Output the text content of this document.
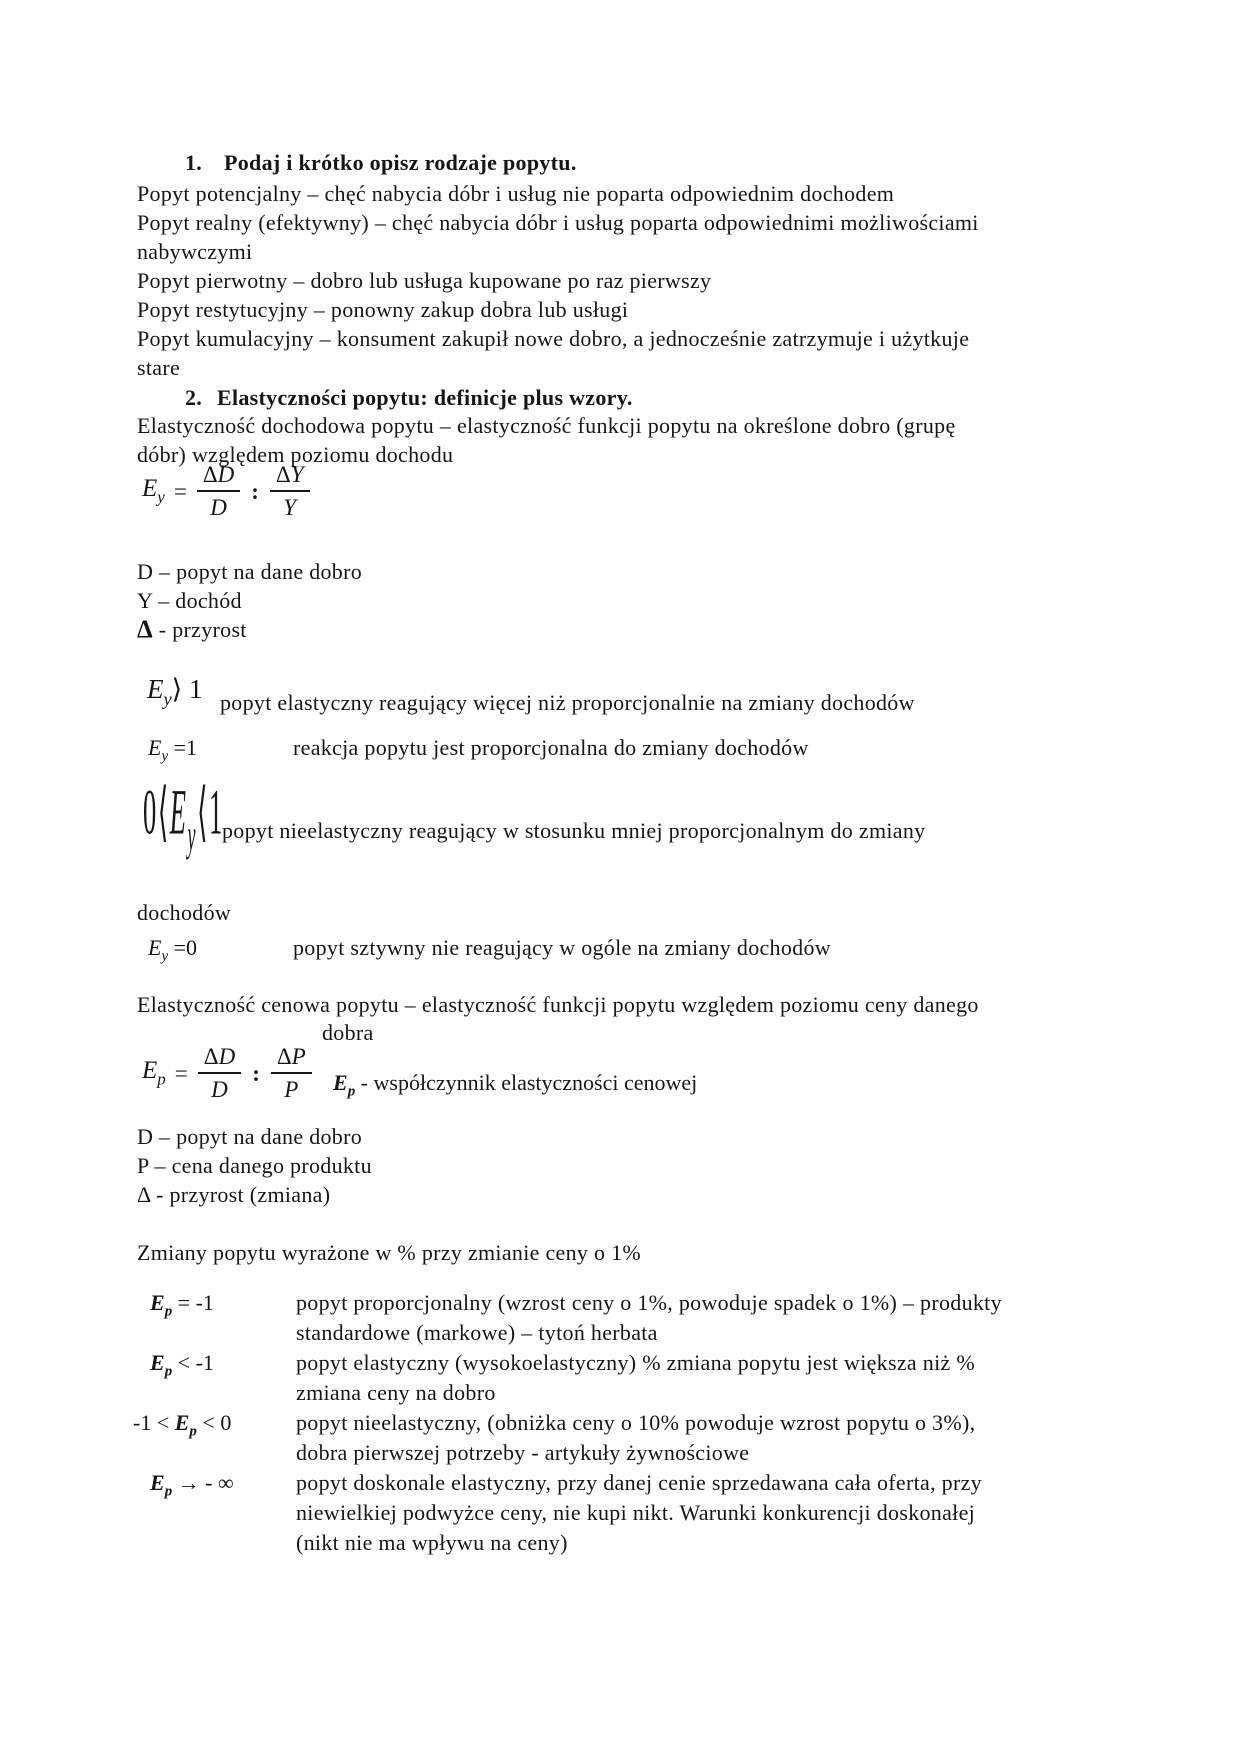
1. Podaj i krótko opisz rodzaje popytu.
Popyt potencjalny – chęć nabycia dóbr i usług nie poparta odpowiednim dochodem
Popyt realny (efektywny) – chęć nabycia dóbr i usług poparta odpowiednimi możliwościami
nabywczymi
Popyt pierwotny – dobro lub usługa kupowane po raz pierwszy
Popyt restytucyjny – ponowny zakup dobra lub usługi
Popyt kumulacyjny – konsument zakupił nowe dobro, a jednocześnie zatrzymuje i użytkuje
stare
2. Elastyczności popytu: definicje plus wzory.
Elastyczność dochodowa popytu – elastyczność funkcji popytu na określone dobro (grupę
dóbr) względem poziomu dochodu
$E_y = \frac{\Delta D}{D}$ : $\frac{\Delta Y}{Y}$
D – popyt na dane dobro
Y – dochód
Δ - przyrost
$E_y⟩$ 1 popyt elastyczny reagujący więcej niż proporcjonalnie na zmiany dochodów
$E_y =1$	reakcja popytu jest proporcjonalna do zmiany dochodów
$0⟨E_y⟨1$
popyt nieelastyczny reagujący w stosunku mniej proporcjonalnym do zmiany
dochodów
$E_y =0$	popyt sztywny nie reagujący w ogóle na zmiany dochodów
Elastyczność cenowa popytu – elastyczność funkcji popytu względem poziomu ceny danego
dobra
$E_p = \frac{\Delta D}{D}$ : $\frac{\Delta P}{P} E_p$ - współczynnik elastyczności cenowej
D – popyt na dane dobro
P – cena danego produktu
Δ - przyrost (zmiana)
Zmiany popytu wyrażone w % przy zmianie ceny o 1%
$E_p = -1$	popyt proporcjonalny (wzrost ceny o 1%, powoduje spadek o 1%) – produkty
standardowe (markowe) – tytoń herbata
$E_p < -1$	popyt elastyczny (wysokoelastyczny) % zmiana popytu jest większa niż %
zmiana ceny na dobro
$-1 < E_p < 0$	popyt nieelastyczny, (obniżka ceny o 10% powoduje wzrost popytu o 3%),
dobra pierwszej potrzeby - artykuły żywnościowe
$E_p$ → - ∞	popyt doskonale elastyczny, przy danej cenie sprzedawana cała oferta, przy
niewielkiej podwyżce ceny, nie kupi nikt. Warunki konkurencji doskonałej
(nikt nie ma wpływu na ceny)
